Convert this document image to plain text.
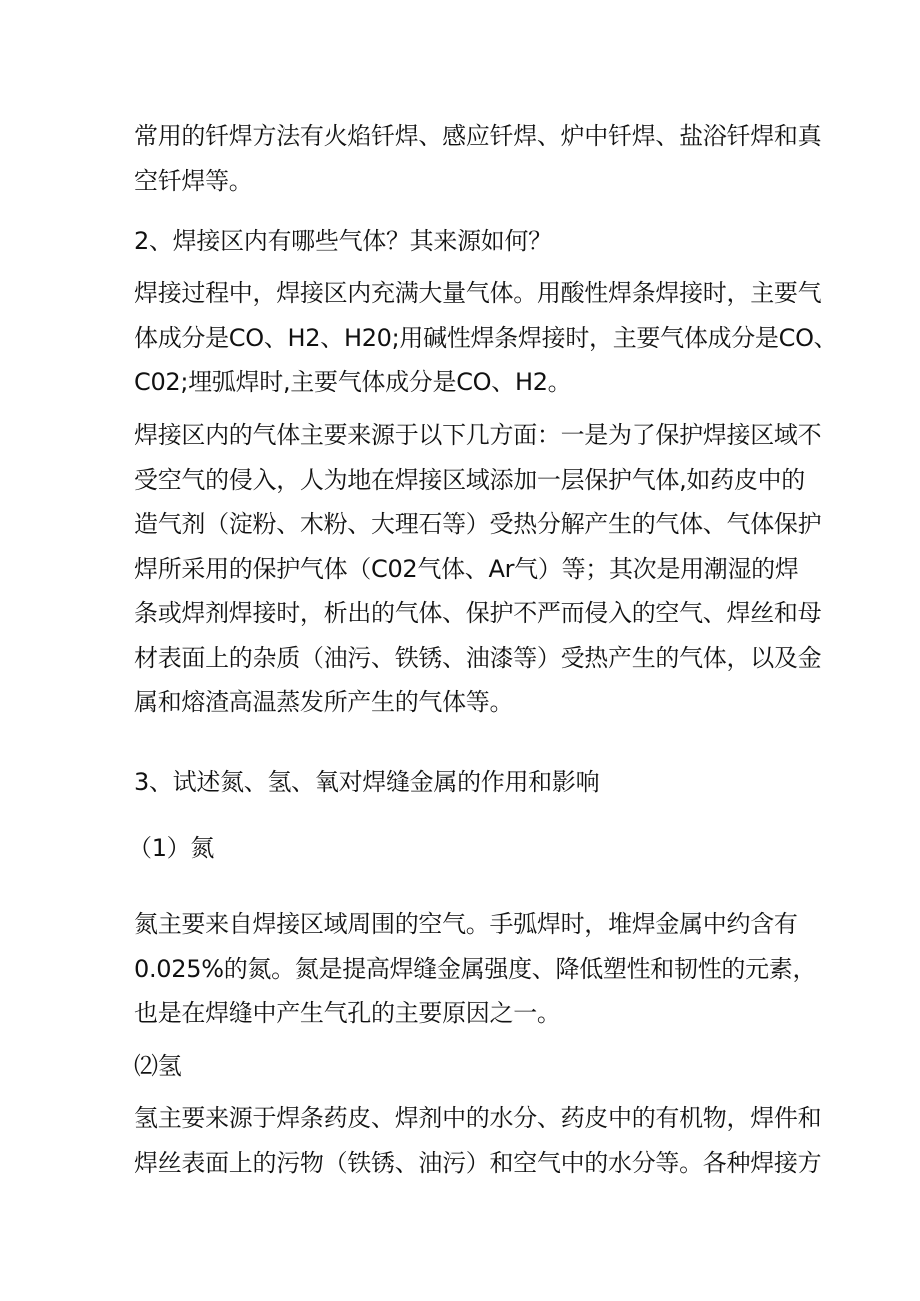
常用的钎焊方法有火焰钎焊、感应钎焊、炉中钎焊、盐浴钎焊和真
空钎焊等。
2、焊接区内有哪些气体？其来源如何？
焊接过程中，焊接区内充满大量气体。用酸性焊条焊接时，主要气
体成分是CO、H2、H20;用碱性焊条焊接时，主要气体成分是CO、
C02;埋弧焊时,主要气体成分是CO、H2。
焊接区内的气体主要来源于以下几方面：一是为了保护焊接区域不
受空气的侵入，人为地在焊接区域添加一层保护气体,如药皮中的
造气剂（淀粉、木粉、大理石等）受热分解产生的气体、气体保护
焊所采用的保护气体（C02气体、Ar气）等；其次是用潮湿的焊
条或焊剂焊接时，析出的气体、保护不严而侵入的空气、焊丝和母
材表面上的杂质（油污、铁锈、油漆等）受热产生的气体，以及金
属和熔渣高温蒸发所产生的气体等。
3、试述氮、氢、氧对焊缝金属的作用和影响
（1）氮
氮主要来自焊接区域周围的空气。手弧焊时，堆焊金属中约含有
0.025%的氮。氮是提高焊缝金属强度、降低塑性和韧性的元素，
也是在焊缝中产生气孔的主要原因之一。
⑵氢
氢主要来源于焊条药皮、焊剂中的水分、药皮中的有机物，焊件和
焊丝表面上的污物（铁锈、油污）和空气中的水分等。各种焊接方
